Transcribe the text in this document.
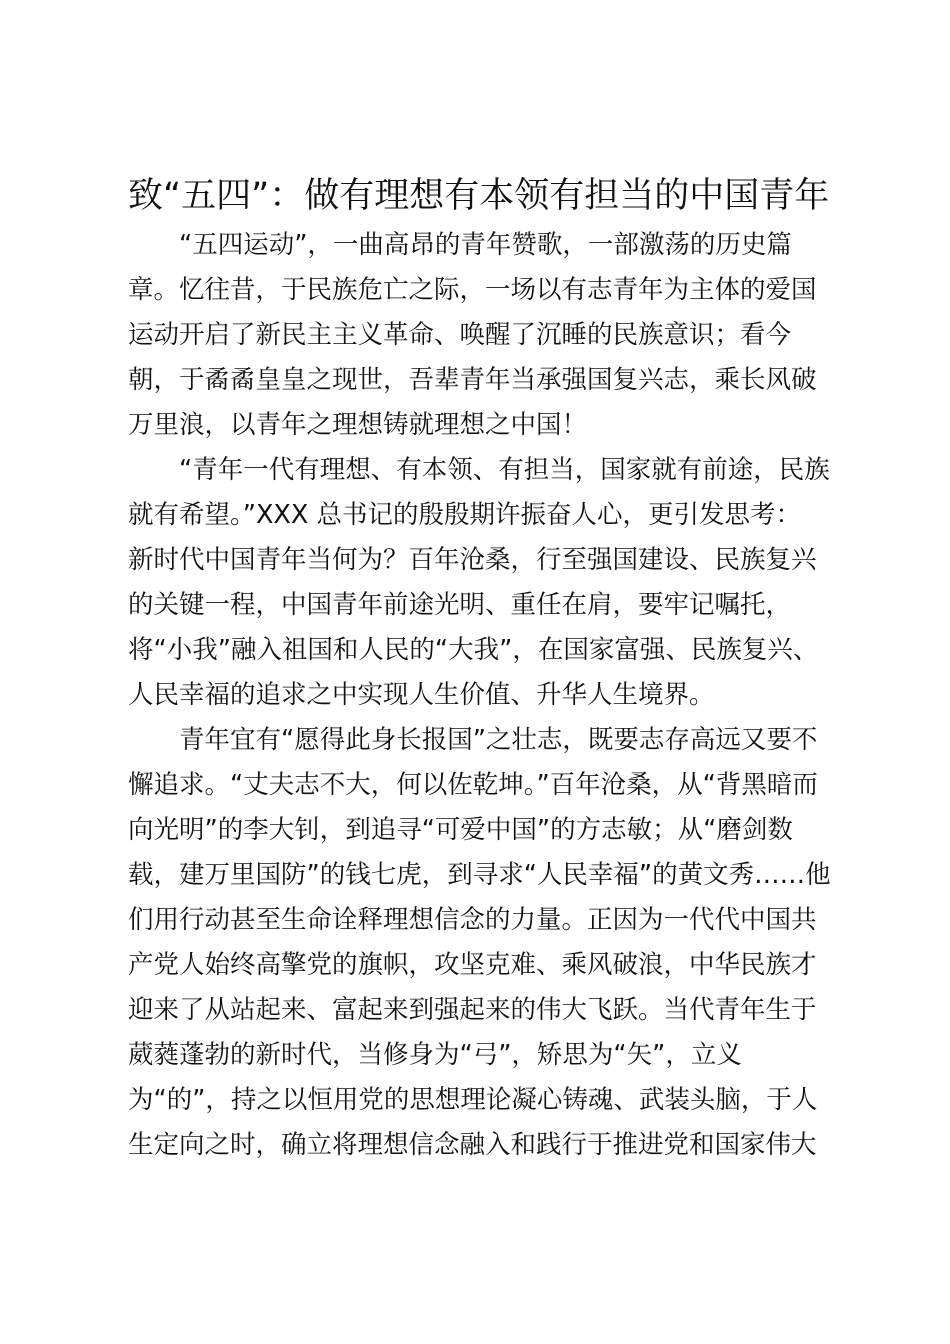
致“五四”：做有理想有本领有担当的中国青年
　　“五四运动”，一曲高昂的青年赞歌，一部激荡的历史篇
章。忆往昔，于民族危亡之际，一场以有志青年为主体的爱国
运动开启了新民主主义革命、唤醒了沉睡的民族意识；看今
朝，于矞矞皇皇之现世，吾辈青年当承强国复兴志，乘长风破
万里浪，以青年之理想铸就理想之中国！
　　“青年一代有理想、有本领、有担当，国家就有前途，民族
就有希望。”XXX 总书记的殷殷期许振奋人心，更引发思考：
新时代中国青年当何为？百年沧桑，行至强国建设、民族复兴
的关键一程，中国青年前途光明、重任在肩，要牢记嘱托，
将“小我”融入祖国和人民的“大我”，在国家富强、民族复兴、
人民幸福的追求之中实现人生价值、升华人生境界。
　　青年宜有“愿得此身长报国”之壮志，既要志存高远又要不
懈追求。“丈夫志不大，何以佐乾坤。”百年沧桑，从“背黑暗而
向光明”的李大钊，到追寻“可爱中国”的方志敏；从“磨剑数
载，建万里国防”的钱七虎，到寻求“人民幸福”的黄文秀……他
们用行动甚至生命诠释理想信念的力量。正因为一代代中国共
产党人始终高擎党的旗帜，攻坚克难、乘风破浪，中华民族才
迎来了从站起来、富起来到强起来的伟大飞跃。当代青年生于
葳蕤蓬勃的新时代，当修身为“弓”，矫思为“矢”，立义
为“的”，持之以恒用党的思想理论凝心铸魂、武装头脑，于人
生定向之时，确立将理想信念融入和践行于推进党和国家伟大
